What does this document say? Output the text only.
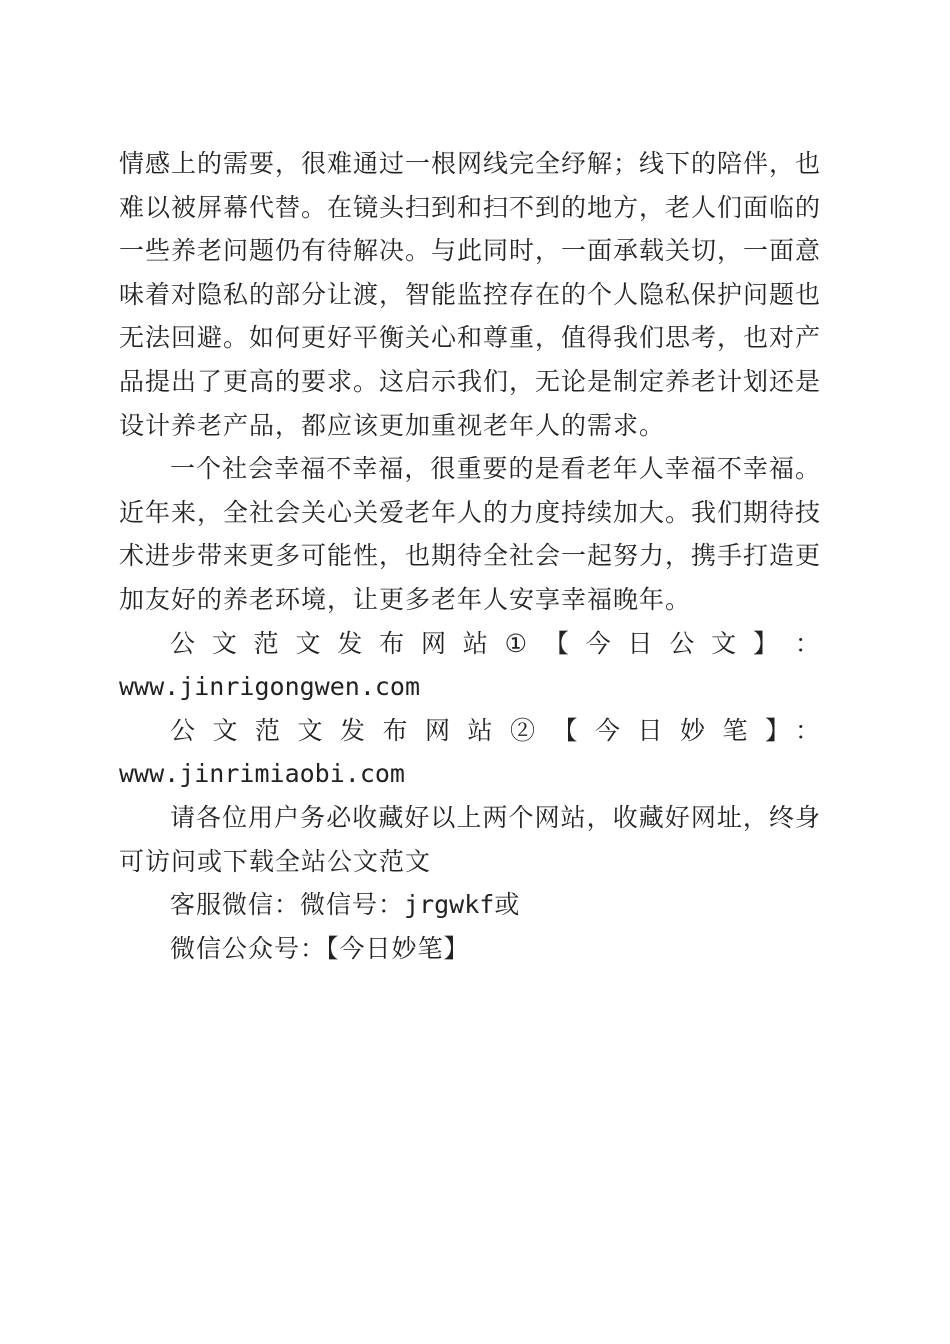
情感上的需要，很难通过一根网线完全纾解；线下的陪伴，也难以被屏幕代替。在镜头扫到和扫不到的地方，老人们面临的一些养老问题仍有待解决。与此同时，一面承载关切，一面意味着对隐私的部分让渡，智能监控存在的个人隐私保护问题也无法回避。如何更好平衡关心和尊重，值得我们思考，也对产品提出了更高的要求。这启示我们，无论是制定养老计划还是设计养老产品，都应该更加重视老年人的需求。

一个社会幸福不幸福，很重要的是看老年人幸福不幸福。近年来，全社会关心关爱老年人的力度持续加大。我们期待技术进步带来更多可能性，也期待全社会一起努力，携手打造更加友好的养老环境，让更多老年人安享幸福晚年。

公 文 范 文 发 布 网 站 ① 【 今 日 公 文 】 ：

www.jinrigongwen.com

公文范文发布网站②【今日妙笔】：www.jinrimiaobi.com

请各位用户务必收藏好以上两个网站，收藏好网址，终身可访问或下载全站公文范文

客服微信：微信号：jrgwkf或

微信公众号：【今日妙笔】
